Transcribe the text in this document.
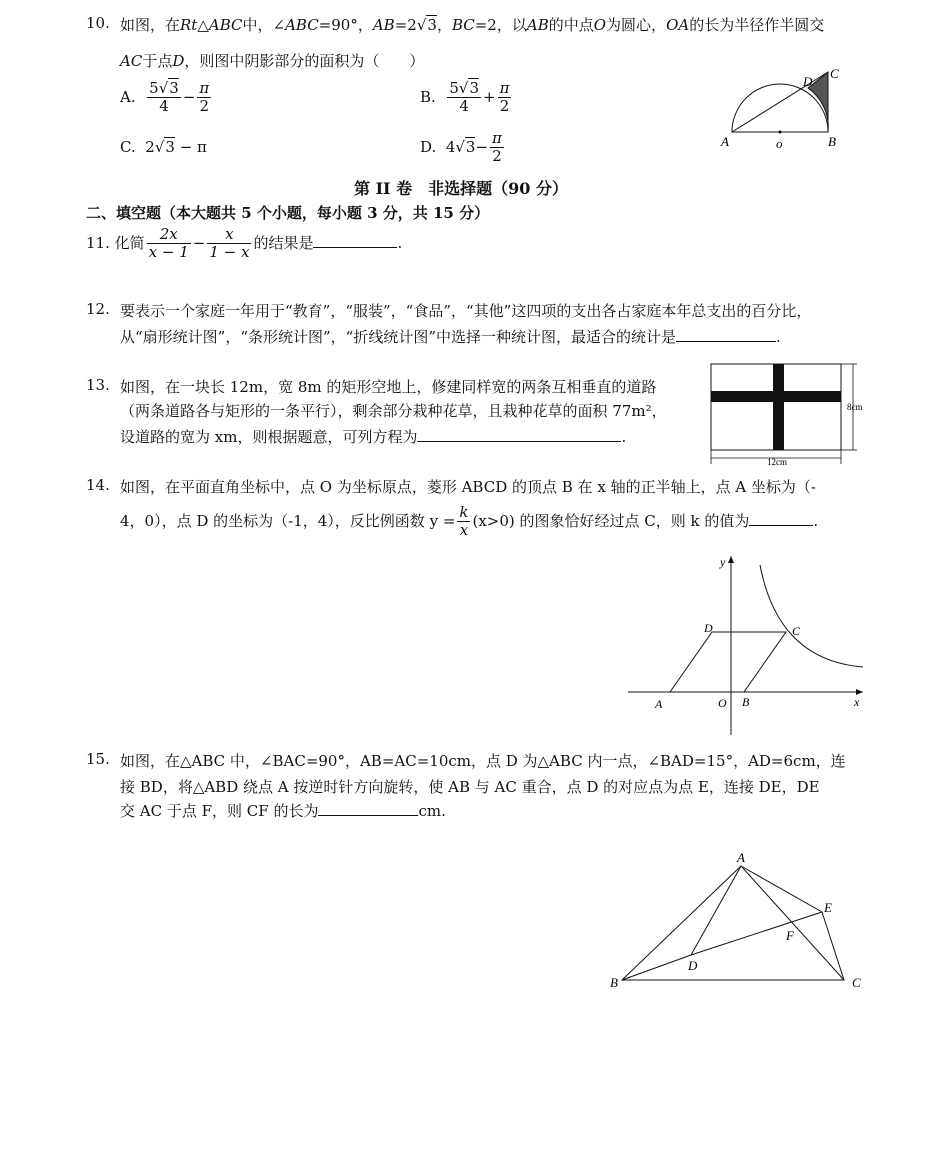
10. 如图，在Rt△ABC中，∠ABC=90°，AB=2√3，BC=2，以AB的中点O为圆心，OA的长为半径作半圆交
AC于点D，则图中阴影部分的面积为（　　）
A. $\frac{5√3}{4} - \frac{\pi}{2}$	B. $\frac{5√3}{4} + \frac{\pi}{2}$
C. 2√3 − π	D. $4√3- \frac{\pi}{2}$	A	o	B
C
D
第 II 卷　非选择题（90 分）
二、填空题（本大题共 5 个小题，每小题 3 分，共 15 分）
11. 化简 $\frac{2x}{x - 1} - \frac{x}{1 - x}$ 的结果是	.
12. 要表示一个家庭一年用于“教育”，“服装”，“食品”，“其他”这四项的支出各占家庭本年总支出的百分比，
从“扇形统计图”，“条形统计图”，“折线统计图”中选择一种统计图，最适合的统计是	.
13. 如图，在一块长 12m，宽 8m 的矩形空地上，修建同样宽的两条互相垂直的道路
（两条道路各与矩形的一条平行），剩余部分栽种花草，且栽种花草的面积 77m²，
设道路的宽为 xm，则根据题意，可列方程为	.
8cm
12cm
14. 如图，在平面直角坐标中，点 O 为坐标原点，菱形 ABCD 的顶点 B 在 x 轴的正半轴上，点 A 坐标为（-
4，0），点 D 的坐标为（-1，4），反比例函数 $y = \frac{k}{x} (x>0)$ 的图象恰好经过点 C，则 k 的值为	.
y
x
O
A	B
C
D
15. 如图，在△ABC 中，∠BAC=90°，AB=AC=10cm，点 D 为△ABC 内一点，∠BAD=15°，AD=6cm，连
接 BD，将△ABD 绕点 A 按逆时针方向旋转，使 AB 与 AC 重合，点 D 的对应点为点 E，连接 DE，DE
交 AC 于点 F，则 CF 的长为	cm.
A
B	C
D
E
F
